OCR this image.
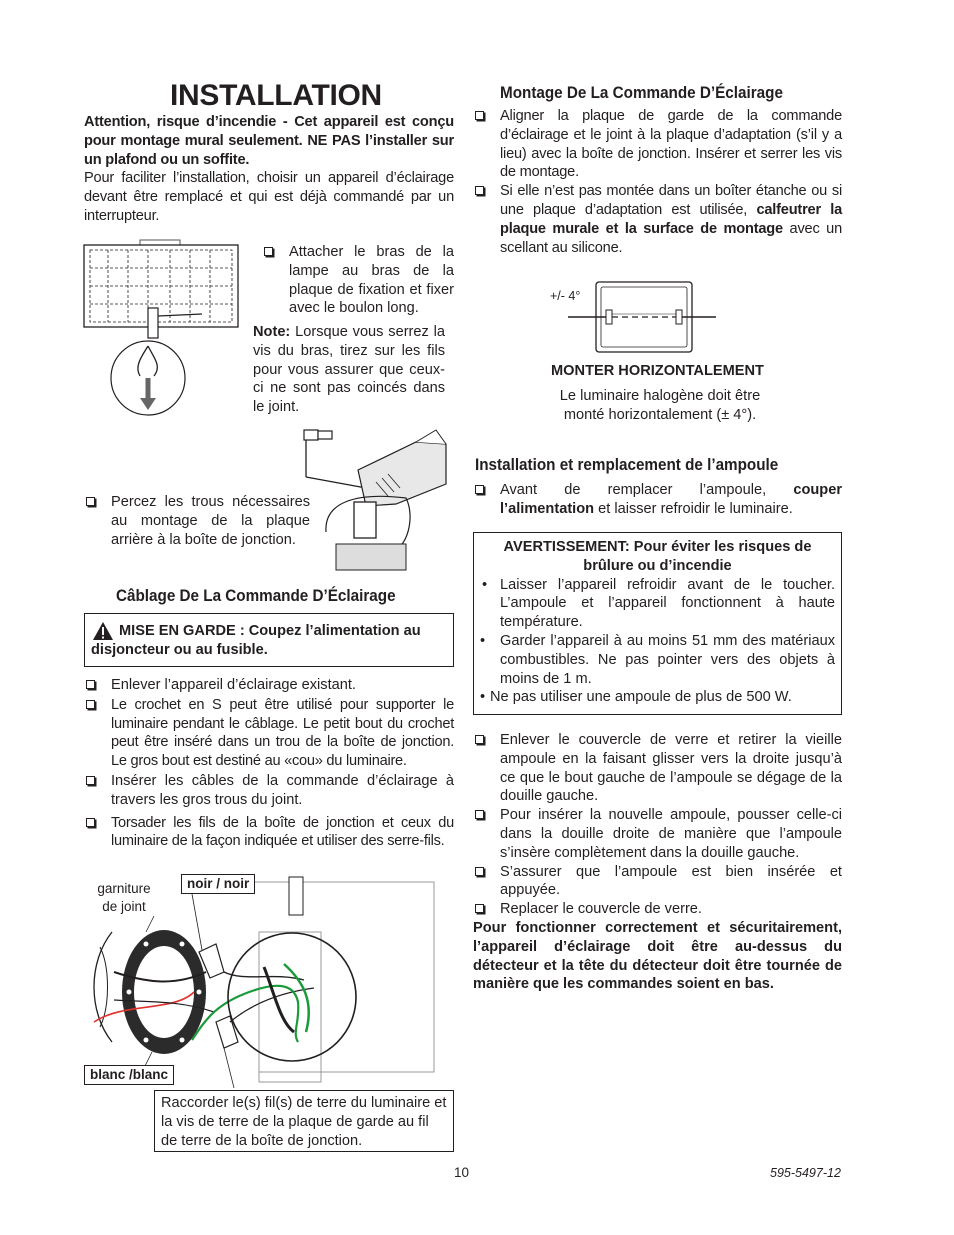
INSTALLATION

Attention, risque d’incendie - Cet appareil est conçu pour montage mural seulement. NE PAS l’installer sur un plafond ou un soffite.

Pour faciliter l’installation, choisir un appareil d’éclairage devant être remplacé et qui est déjà commandé par un interrupteur.

Attacher le bras de la lampe au bras de la plaque de fixation et fixer avec le boulon long.
Note: Lorsque vous serrez la vis du bras, tirez sur les fils pour vous assurer que ceux-ci ne sont pas coincés dans le joint.
Percez les trous nécessaires au montage de la plaque arrière à la boîte de jonction.
Câblage De La Commande D’Éclairage

MISE EN GARDE : Coupez l’alimentation au disjoncteur ou au fusible.

Enlever l’appareil d’éclairage existant.
Le crochet en S peut être utilisé pour supporter le luminaire pendant le câblage. Le petit bout du crochet peut être inséré dans un trou de la boîte de jonction. Le gros bout est destiné au «cou» du luminaire.
Insérer les câbles de la commande d’éclairage à travers les gros trous du joint.
Torsader les fils de la boîte de jonction et ceux du luminaire de la façon indiquée et utiliser des serre-fils.
garniture de joint
noir / noir
blanc /blanc

Raccorder le(s) fil(s) de terre du luminaire et la vis de terre de la plaque de garde au fil de terre de la boîte de jonction.

Montage De La Commande D’Éclairage
Aligner la plaque de garde de la commande d’éclairage et le joint à la plaque d’adaptation (s’il y a lieu) avec la boîte de jonction. Insérer et serrer les vis de montage.
Si elle n’est pas montée dans un boîter étanche ou si une plaque d’adaptation est utilisée, calfeutrer la plaque murale et la surface de montage avec un scellant au silicone.
+/- 4°
MONTER HORIZONTALEMENT
Le luminaire halogène doit être monté horizontalement (± 4°).
Installation et remplacement de l’ampoule
Avant de remplacer l’ampoule, couper l’alimentation et laisser refroidir le luminaire.

AVERTISSEMENT: Pour éviter les risques de brûlure ou d’incendie

• Laisser l’appareil refroidir avant de le toucher. L’ampoule et l’appareil fonctionnent à haute température.
• Garder l’appareil à au moins 51 mm des matériaux combustibles. Ne pas pointer vers des objets à moins de 1 m.
• Ne pas utiliser une ampoule de plus de 500 W.
Enlever le couvercle de verre et retirer la vieille ampoule en la faisant glisser vers la droite jusqu’à ce que le bout gauche de l’ampoule se dégage de la douille gauche.
Pour insérer la nouvelle ampoule, pousser celle-ci dans la douille droite de manière que l’ampoule s’insère complètement dans la douille gauche.
S’assurer que l’ampoule est bien insérée et appuyée.
Replacer le couvercle de verre.

Pour fonctionner correctement et sécuritairement, l’appareil d’éclairage doit être au-dessus du détecteur et la tête du détecteur doit être tournée de manière que les commandes soient en bas.

10	595-5497-12
